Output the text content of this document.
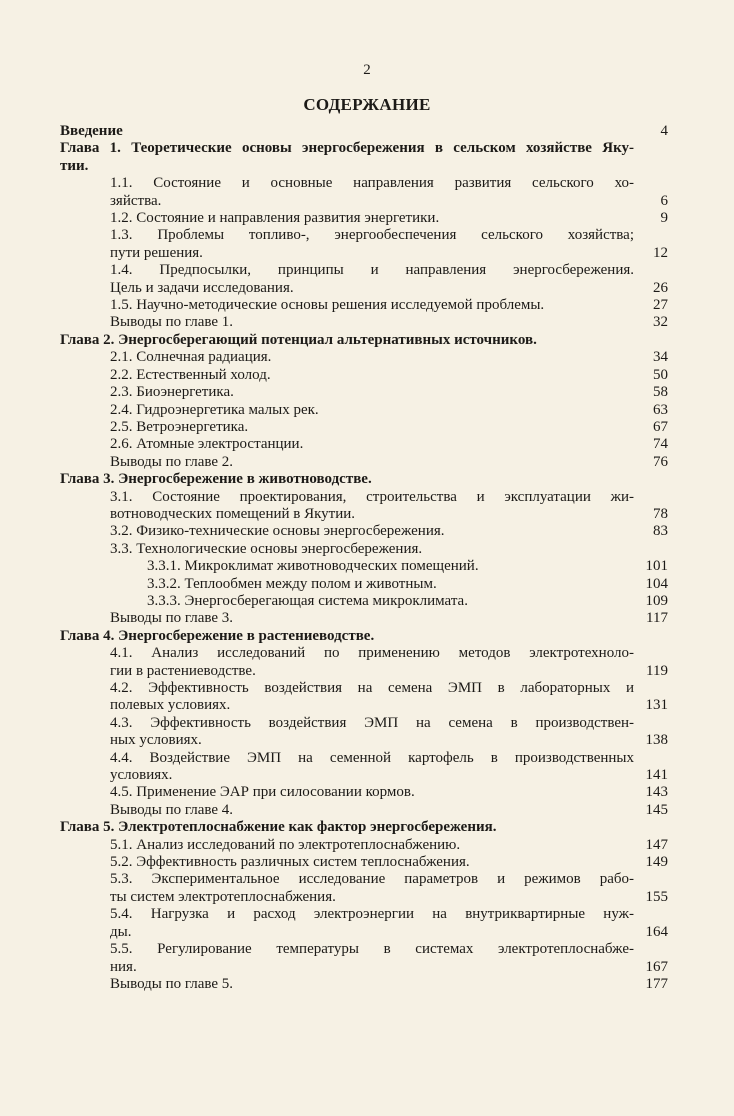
2
СОДЕРЖАНИЕ
Введение	4
Глава 1. Теоретические основы энергосбережения в сельском хозяйстве Яку-
тии.
1.1. Состояние и основные направления развития сельского хо-
зяйства.	6
1.2. Состояние и направления развития энергетики.	9
1.3. Проблемы топливо-, энергообеспечения сельского хозяйства;
пути решения.	12
1.4. Предпосылки, принципы и направления энергосбережения.
Цель и задачи исследования.	26
1.5. Научно-методические основы решения исследуемой проблемы.	27
Выводы по главе 1.	32
Глава 2. Энергосберегающий потенциал альтернативных источников.
2.1. Солнечная радиация.	34
2.2. Естественный холод.	50
2.3. Биоэнергетика.	58
2.4. Гидроэнергетика малых рек.	63
2.5. Ветроэнергетика.	67
2.6. Атомные электростанции.	74
Выводы по главе 2.	76
Глава 3. Энергосбережение в животноводстве.
3.1. Состояние проектирования, строительства и эксплуатации жи-
вотноводческих помещений в Якутии.	78
3.2. Физико-технические основы энергосбережения.	83
3.3. Технологические основы энергосбережения.
3.3.1. Микроклимат животноводческих помещений.	101
3.3.2. Теплообмен между полом и животным.	104
3.3.3. Энергосберегающая система микроклимата.	109
Выводы по главе 3.	117
Глава 4. Энергосбережение в растениеводстве.
4.1. Анализ исследований по применению методов электротехноло-
гии в растениеводстве.	119
4.2. Эффективность воздействия на семена ЭМП в лабораторных и
полевых условиях.	131
4.3. Эффективность воздействия ЭМП на семена в производствен-
ных условиях.	138
4.4. Воздействие ЭМП на семенной картофель в производственных
условиях.	141
4.5. Применение ЭАР при силосовании кормов.	143
Выводы по главе 4.	145
Глава 5. Электротеплоснабжение как фактор энергосбережения.
5.1. Анализ исследований по электротеплоснабжению.	147
5.2. Эффективность различных систем теплоснабжения.	149
5.3. Экспериментальное исследование параметров и режимов рабо-
ты систем электротеплоснабжения.	155
5.4. Нагрузка и расход электроэнергии на внутриквартирные нуж-
ды.	164
5.5. Регулирование температуры в системах электротеплоснабже-
ния.	167
Выводы по главе 5.	177
